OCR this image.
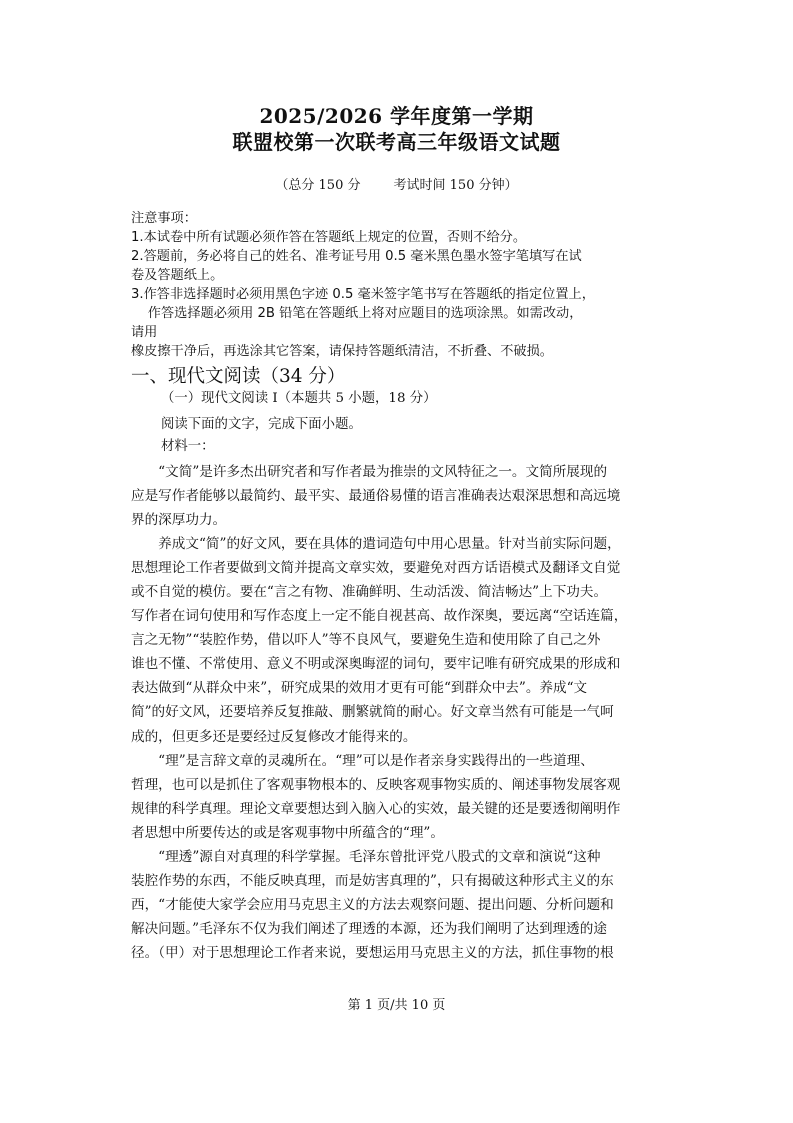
2025/2026 学年度第一学期
联盟校第一次联考高三年级语文试题
（总分 150 分        考试时间 150 分钟）
注意事项：
1.本试卷中所有试题必须作答在答题纸上规定的位置，否则不给分。
2.答题前，务必将自己的姓名、准考证号用 0.5 毫米黑色墨水签字笔填写在试
卷及答题纸上。
3.作答非选择题时必须用黑色字迹 0.5 毫米签字笔书写在答题纸的指定位置上，
作答选择题必须用 2B 铅笔在答题纸上将对应题目的选项涂黑。如需改动，
请用
橡皮擦干净后，再选涂其它答案，请保持答题纸清洁，不折叠、不破损。
一、现代文阅读（34 分）
（一）现代文阅读 I（本题共 5 小题，18 分）
阅读下面的文字，完成下面小题。
材料一：
　　“文简”是许多杰出研究者和写作者最为推崇的文风特征之一。文简所展现的
应是写作者能够以最简约、最平实、最通俗易懂的语言准确表达艰深思想和高远境
界的深厚功力。
　　养成文“简”的好文风，要在具体的遣词造句中用心思量。针对当前实际问题，
思想理论工作者要做到文简并提高文章实效，要避免对西方话语模式及翻译文自觉
或不自觉的模仿。要在“言之有物、准确鲜明、生动活泼、简洁畅达”上下功夫。
写作者在词句使用和写作态度上一定不能自视甚高、故作深奥，要远离“空话连篇，
言之无物”“装腔作势，借以吓人”等不良风气，要避免生造和使用除了自己之外
谁也不懂、不常使用、意义不明或深奥晦涩的词句，要牢记唯有研究成果的形成和
表达做到“从群众中来”，研究成果的效用才更有可能“到群众中去”。养成“文
简”的好文风，还要培养反复推敲、删繁就简的耐心。好文章当然有可能是一气呵
成的，但更多还是要经过反复修改才能得来的。
　　“理”是言辞文章的灵魂所在。“理”可以是作者亲身实践得出的一些道理、
哲理，也可以是抓住了客观事物根本的、反映客观事物实质的、阐述事物发展客观
规律的科学真理。理论文章要想达到入脑入心的实效，最关键的还是要透彻阐明作
者思想中所要传达的或是客观事物中所蕴含的“理”。
　　“理透”源自对真理的科学掌握。毛泽东曾批评党八股式的文章和演说“这种
装腔作势的东西，不能反映真理，而是妨害真理的”，只有揭破这种形式主义的东
西，“才能使大家学会应用马克思主义的方法去观察问题、提出问题、分析问题和
解决问题。”毛泽东不仅为我们阐述了理透的本源，还为我们阐明了达到理透的途
径。（甲）对于思想理论工作者来说，要想运用马克思主义的方法，抓住事物的根
第 1 页/共 10 页
